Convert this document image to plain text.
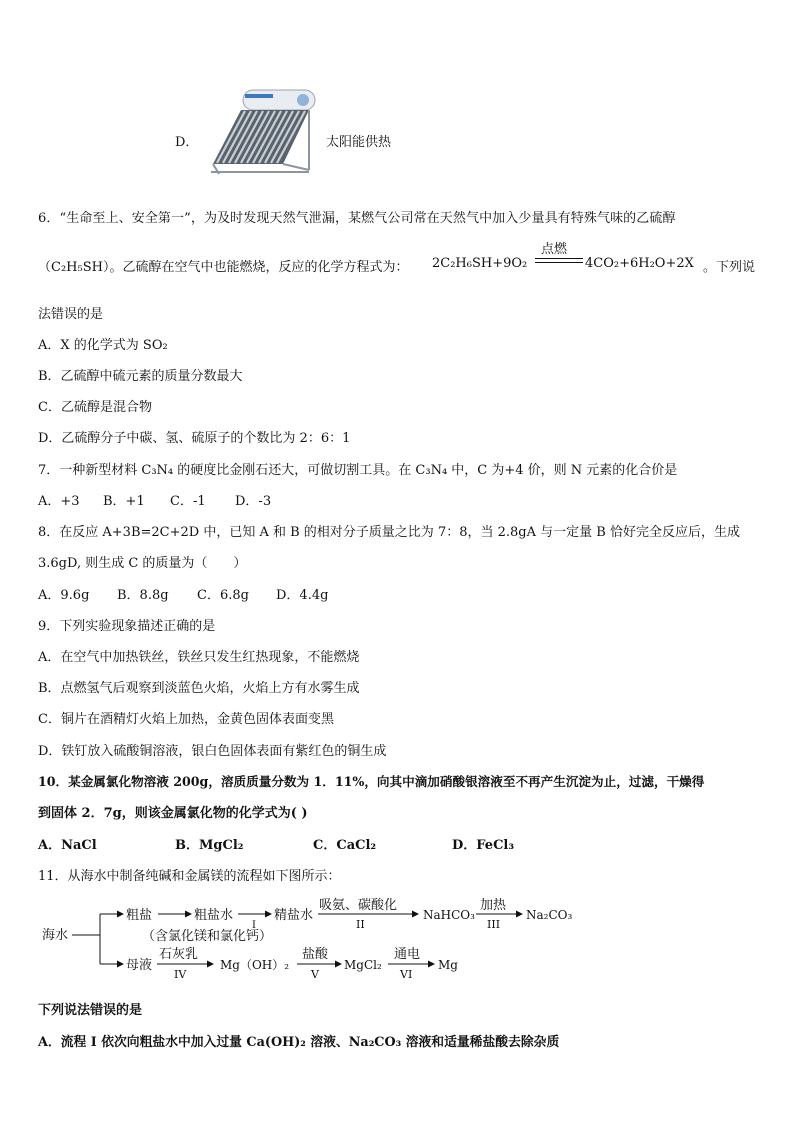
D．	太阳能供热
6．“生命至上、安全第一”，为及时发现天然气泄漏，某燃气公司常在天然气中加入少量具有特殊气味的乙硫醇
（C₂H₅SH）。乙硫醇在空气中也能燃烧，反应的化学方程式为： 2C₂H₆SH+9O₂
点燃
4CO₂+6H₂O+2X 。下列说
法错误的是
A．X 的化学式为 SO₂
B．乙硫醇中硫元素的质量分数最大
C．乙硫醇是混合物
D．乙硫醇分子中碳、氢、硫原子的个数比为 2：6：1
7．一种新型材料 C₃N₄ 的硬度比金刚石还大，可做切割工具。在 C₃N₄ 中，C 为+4 价，则 N 元素的化合价是
A．+3 B．+1 C．-1 D．-3
8．在反应 A+3B=2C+2D 中，已知 A 和 B 的相对分子质量之比为 7：8，当 2.8gA 与一定量 B 恰好完全反应后，生成
3.6gD, 则生成 C 的质量为（　　）
A．9.6g B．8.8g C．6.8g D．4.4g
9．下列实验现象描述正确的是
A．在空气中加热铁丝，铁丝只发生红热现象，不能燃烧
B．点燃氢气后观察到淡蓝色火焰，火焰上方有水雾生成
C．铜片在酒精灯火焰上加热，金黄色固体表面变黑
D．铁钉放入硫酸铜溶液，银白色固体表面有紫红色的铜生成
10．某金属氯化物溶液 200g，溶质质量分数为 1．11%，向其中滴加硝酸银溶液至不再产生沉淀为止，过滤，干燥得
到固体 2．7g，则该金属氯化物的化学式为( )
A．NaCl	B．MgCl₂	C．CaCl₂	D．FeCl₃
11．从海水中制备纯碱和金属镁的流程如下图所示：
海水
粗盐	粗盐水
I
精盐水
吸氨、碳酸化
II
NaHCO₃
加热
III
Na₂CO₃
（含氯化镁和氯化钙）
母液
石灰乳
IV
Mg（OH）₂
盐酸
V
MgCl₂
通电
VI
Mg
下列说法错误的是
A．流程 I 依次向粗盐水中加入过量 Ca(OH)₂ 溶液、Na₂CO₃ 溶液和适量稀盐酸去除杂质
